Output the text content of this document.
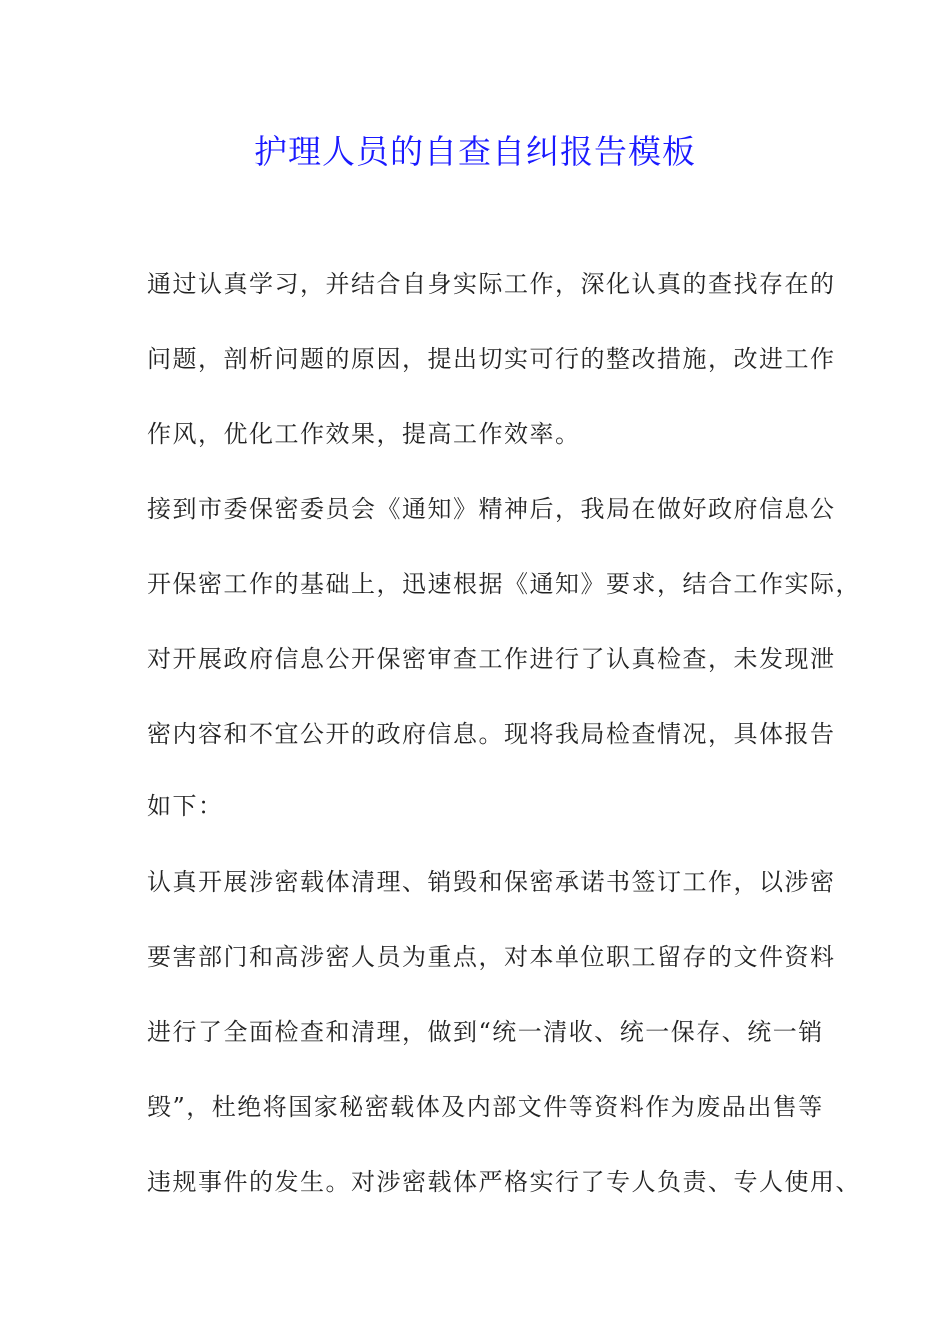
护理人员的自查自纠报告模板
通过认真学习，并结合自身实际工作，深化认真的查找存在的
问题，剖析问题的原因，提出切实可行的整改措施，改进工作
作风，优化工作效果，提高工作效率。
接到市委保密委员会《通知》精神后，我局在做好政府信息公
开保密工作的基础上，迅速根据《通知》要求，结合工作实际，
对开展政府信息公开保密审查工作进行了认真检查，未发现泄
密内容和不宜公开的政府信息。现将我局检查情况，具体报告
如下：
认真开展涉密载体清理、销毁和保密承诺书签订工作，以涉密
要害部门和高涉密人员为重点，对本单位职工留存的文件资料
进行了全面检查和清理，做到“统一清收、统一保存、统一销
毁”，杜绝将国家秘密载体及内部文件等资料作为废品出售等
违规事件的发生。对涉密载体严格实行了专人负责、专人使用、
